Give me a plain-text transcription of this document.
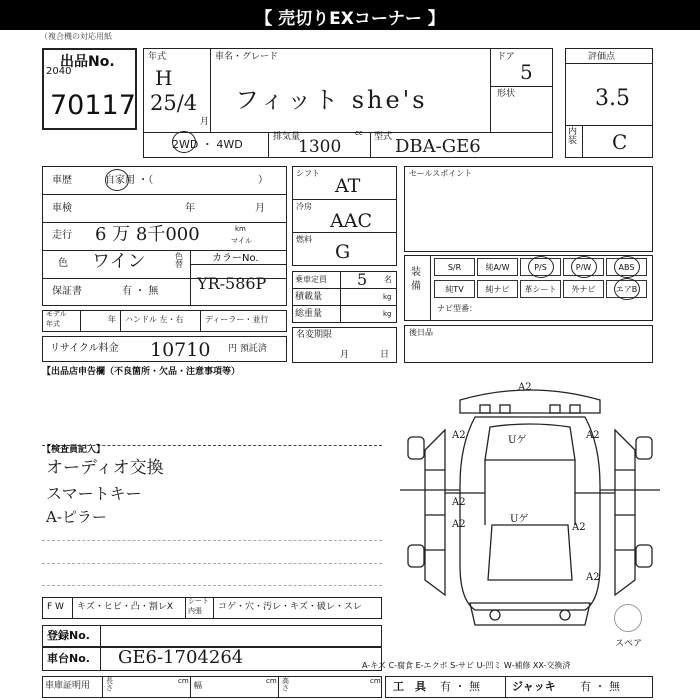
【 売切りEXコーナー 】
（複合機の対応用紙
出品No.
2040
70117
年式
H
25/4
月
車名・グレード
フィット she's
ドア
5
形状
2WD ・ 4WD
排気量	cc
1300	型式 DBA-GE6
評価点
3.5
内装 C
車歴	自家用 ・（	）
車検	年	月
走行 6 万 8千000	km
マイル
色 ワイン	色替
カラーNo.
YR-586P
保証書	有 ・ 無
モデル
年式	年 ハンドル 左・右	ディーラー・並行
リサイクル料金 10710 円 預託済
シフト
AT
冷房
AAC
燃料
G
乗車定員 5 名
積載量	kg
総重量	kg
名変期限
月	日
セールスポイント
装備
ナビ型番：
後日品
【出品店申告欄（不良箇所・欠品・注意事項等）
【検査員記入】
オーディオ交換
スマートキー
A-ピラー
F W キズ・ヒビ・凸・割レX
シート
内張 コゲ・穴・汚レ・キズ・破レ・スレ
登録No.
車台No. GE6-1704264
車庫証明用 長さ
cm 幅	cm 高さ
cm
A2
A2	A2
A2
A2	A2
Uゲ
Uゲ
A2
スペア
A-キズ C-腐食 E-エクボ S-サビ U-凹ミ W-補修 XX-交換済
工　具 有 ・ 無	ジャッキ 有 ・ 無
S/R	純A/W	P/S	P/W	ABS
純TV	純ナビ	革シート	外ナビ	エアB
